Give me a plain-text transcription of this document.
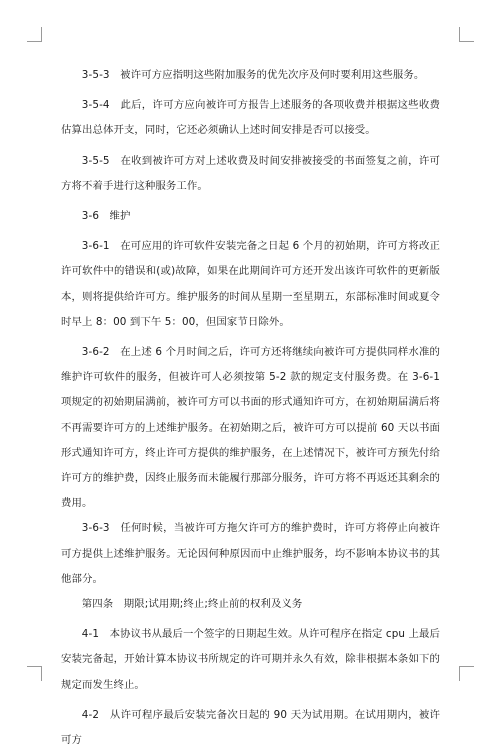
3-5-3　被许可方应指明这些附加服务的优先次序及何时要利用这些服务。

3-5-4　此后，许可方应向被许可方报告上述服务的各项收费并根据这些收费估算出总体开支，同时，它还必须确认上述时间安排是否可以接受。

3-5-5　在收到被许可方对上述收费及时间安排被接受的书面签复之前，许可方将不着手进行这种服务工作。

3-6　维护

3-6-1　在可应用的许可软件安装完备之日起 6 个月的初始期，许可方将改正许可软件中的错误和(或)故障，如果在此期间许可方还开发出该许可软件的更新版本，则将提供给许可方。维护服务的时间从星期一至星期五，东部标准时间或夏令时早上 8：00 到下午 5：00，但国家节日除外。

3-6-2　在上述 6 个月时间之后，许可方还将继续向被许可方提供同样水准的维护许可软件的服务，但被许可人必须按第 5-2 款的规定支付服务费。在 3-6-1 项规定的初始期届满前，被许可方可以书面的形式通知许可方，在初始期届满后将不再需要许可方的上述维护服务。在初始期之后，被许可方可以提前 60 天以书面形式通知许可方，终止许可方提供的维护服务，在上述情况下，被许可方预先付给许可方的维护费，因终止服务而未能履行那部分服务，许可方将不再返还其剩余的费用。

3-6-3　任何时候，当被许可方拖欠许可方的维护费时，许可方将停止向被许可方提供上述维护服务。无论因何种原因而中止维护服务，均不影响本协议书的其他部分。

第四条　期限;试用期;终止;终止前的权利及义务

4-1　本协议书从最后一个签字的日期起生效。从许可程序在指定 cpu 上最后安装完备起，开始计算本协议书所规定的许可期并永久有效，除非根据本条如下的规定而发生终止。

4-2　从许可程序最后安装完备次日起的 90 天为试用期。在试用期内，被许可方
